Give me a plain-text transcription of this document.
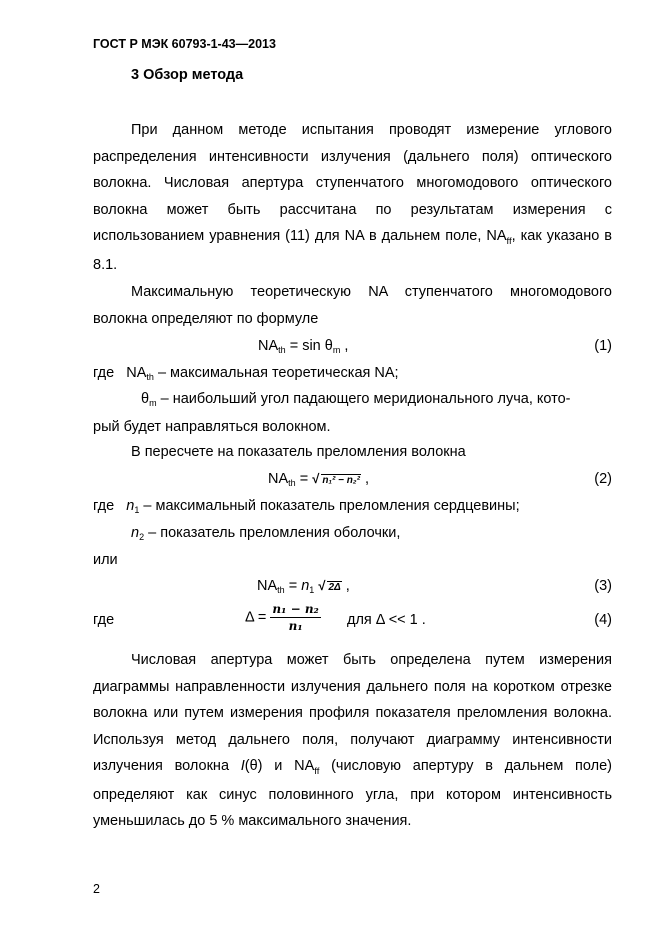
ГОСТ Р МЭК 60793-1-43—2013
3 Обзор метода
При данном методе испытания проводят измерение углового распределения интенсивности излучения (дальнего поля) оптического волокна. Числовая апертура ступенчатого многомодового оптического волокна может быть рассчитана по результатам измерения с использованием уравнения (11) для NA в дальнем поле, $NA_{ff}$, как указано в 8.1.
Максимальную теоретическую NA ступенчатого многомодового волокна определяют по формуле
$NA_{th} = \sin \theta_m$ ,	(1)
где $NA_{th}$ – максимальная теоретическая NA;
$\theta_m$ – наибольший угол падающего меридионального луча, кото-
рый будет направляться волокном.
В пересчете на показатель преломления волокна
$NA_{th}$ = √ n₁² − n₂² ,	(2)
где $n_1$ – максимальный показатель преломления сердцевины;
$n_2$ – показатель преломления оболочки,
или
$NA_{th} = n_1$ √ 2Δ ,	(3)
где	$\Delta = \frac{\text{n₁ − n₂}}{\text{n₁}}$ для Δ << 1 .	(4)
Числовая апертура может быть определена путем измерения диаграммы направленности излучения дальнего поля на коротком отрезке волокна или путем измерения профиля показателя преломления волокна. Используя метод дальнего поля, получают диаграмму интенсивности излучения волокна I(θ) и $NA_{ff}$ (числовую апертуру в дальнем поле) определяют как синус половинного угла, при котором интенсивность уменьшилась до 5 % максимального значения.
2
